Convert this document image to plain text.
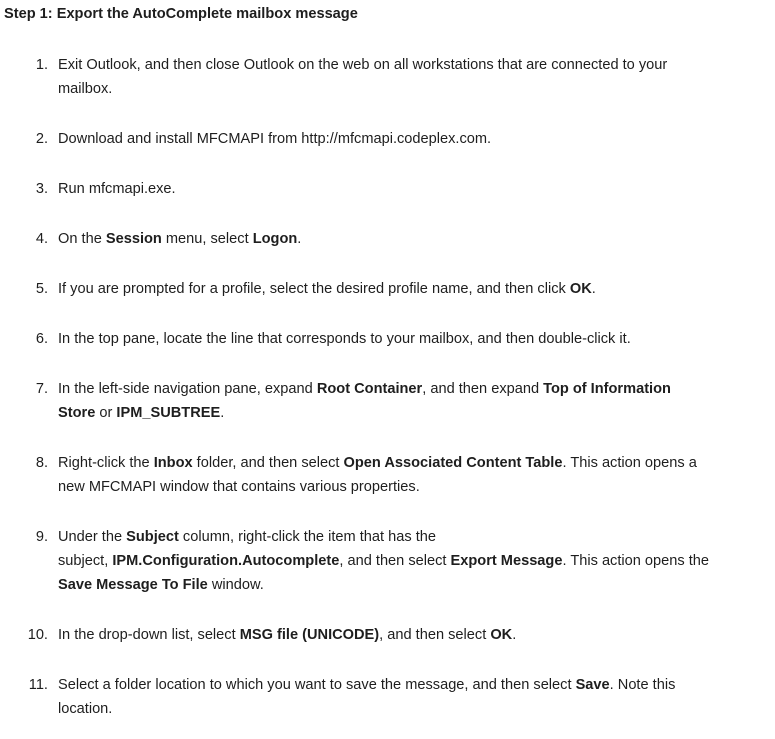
Step 1: Export the AutoComplete mailbox message
1. Exit Outlook, and then close Outlook on the web on all workstations that are connected to your
mailbox.
2. Download and install MFCMAPI from http://mfcmapi.codeplex.com.
3. Run mfcmapi.exe.
4. On the Session menu, select Logon.
5. If you are prompted for a profile, select the desired profile name, and then click OK.
6. In the top pane, locate the line that corresponds to your mailbox, and then double-click it.
7. In the left-side navigation pane, expand Root Container, and then expand Top of Information
Store or IPM_SUBTREE.
8. Right-click the Inbox folder, and then select Open Associated Content Table. This action opens a
new MFCMAPI window that contains various properties.
9. Under the Subject column, right-click the item that has the
subject, IPM.Configuration.Autocomplete, and then select Export Message. This action opens the
Save Message To File window.
10. In the drop-down list, select MSG file (UNICODE), and then select OK.
11. Select a folder location to which you want to save the message, and then select Save. Note this
location.
